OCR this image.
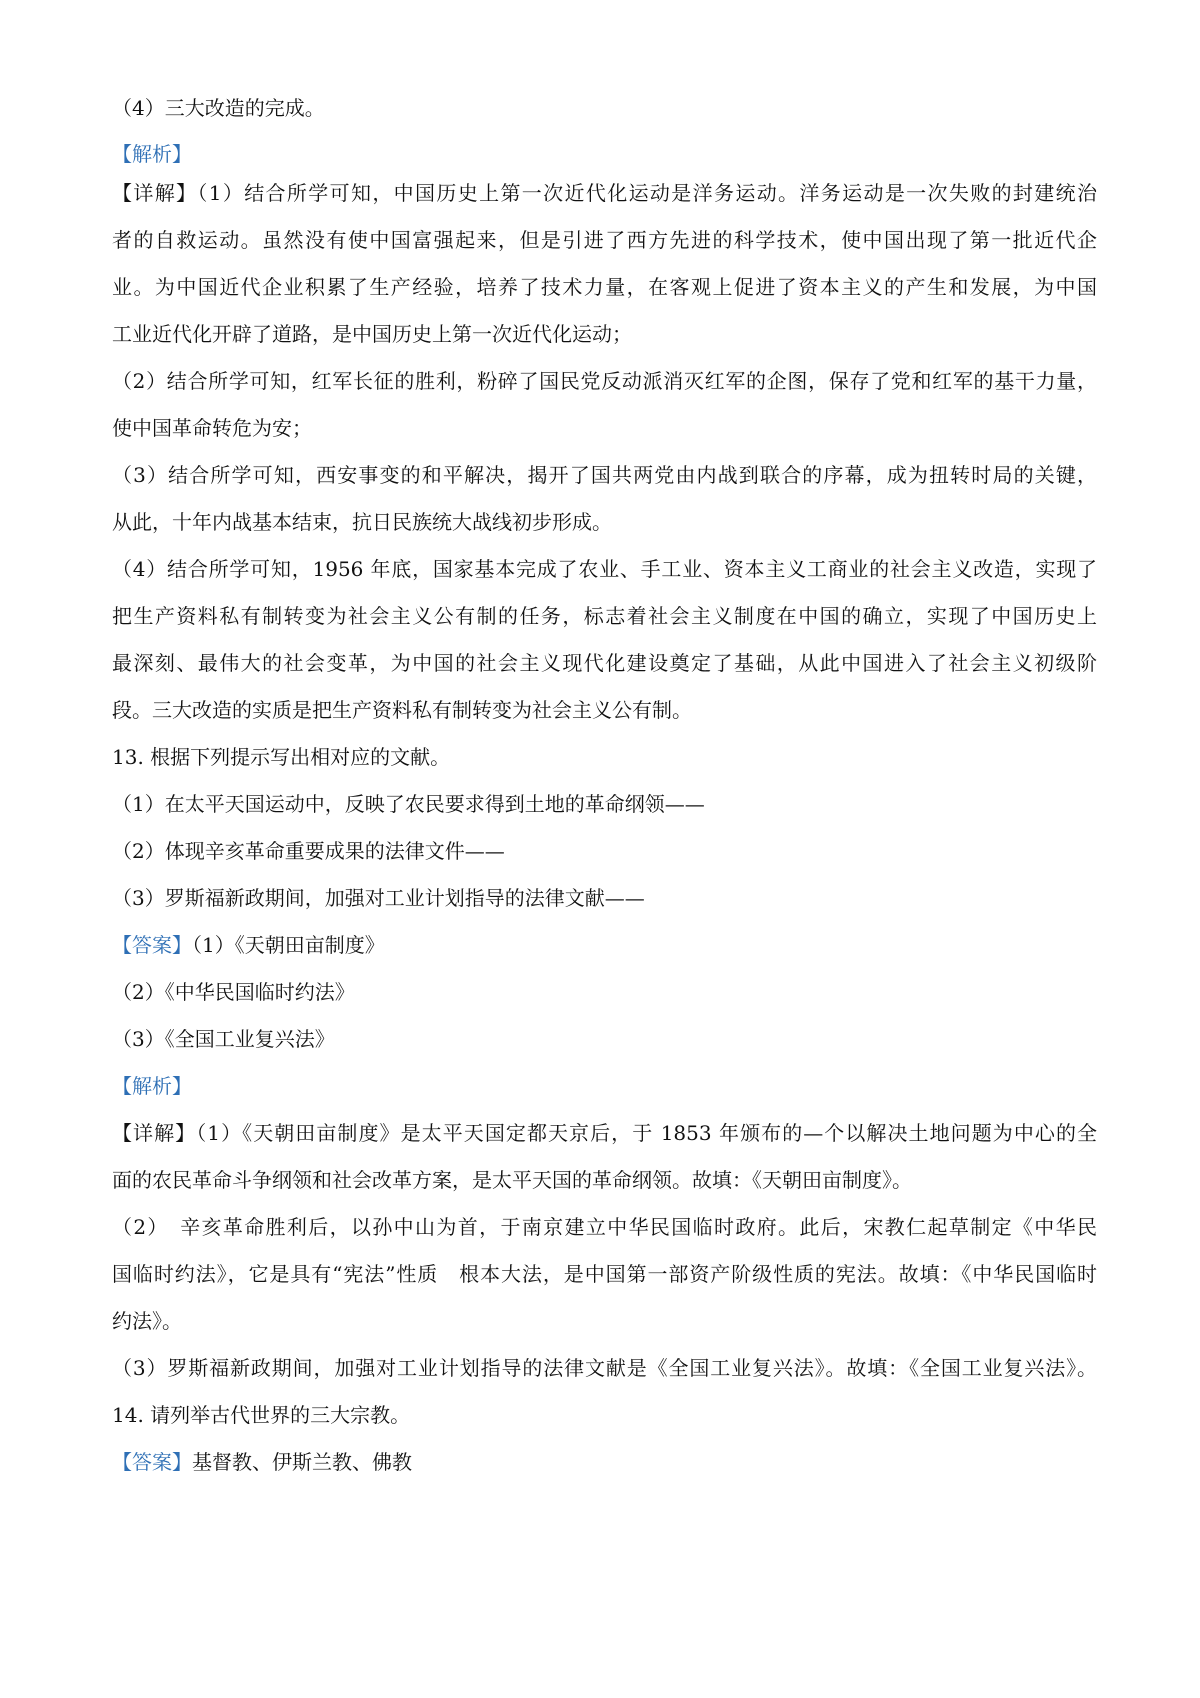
（4）三大改造的完成。
【解析】

【详解】（1）结合所学可知，中国历史上第一次近代化运动是洋务运动。洋务运动是一次失败的封建统治

者的自救运动。虽然没有使中国富强起来，但是引进了西方先进的科学技术，使中国出现了第一批近代企

业。为中国近代企业积累了生产经验，培养了技术力量，在客观上促进了资本主义的产生和发展，为中国

工业近代化开辟了道路，是中国历史上第一次近代化运动；

（2）结合所学可知，红军长征的胜利，粉碎了国民党反动派消灭红军的企图，保存了党和红军的基干力量，

使中国革命转危为安；

（3）结合所学可知，西安事变的和平解决，揭开了国共两党由内战到联合的序幕，成为扭转时局的关键，

从此，十年内战基本结束，抗日民族统大战线初步形成。

（4）结合所学可知，1956 年底，国家基本完成了农业、手工业、资本主义工商业的社会主义改造，实现了

把生产资料私有制转变为社会主义公有制的任务，标志着社会主义制度在中国的确立，实现了中国历史上

最深刻、最伟大的社会变革，为中国的社会主义现代化建设奠定了基础，从此中国进入了社会主义初级阶

段。三大改造的实质是把生产资料私有制转变为社会主义公有制。

13. 根据下列提示写出相对应的文献。

（1）在太平天国运动中，反映了农民要求得到土地的革命纲领——

（2）体现辛亥革命重要成果的法律文件——

（3）罗斯福新政期间，加强对工业计划指导的法律文献——

【答案】（1）《天朝田亩制度》

（2）《中华民国临时约法》

（3）《全国工业复兴法》

【解析】

【详解】（1）《天朝田亩制度》是太平天国定都天京后，于 1853 年颁布的—个以解决土地问题为中心的全

面的农民革命斗争纲领和社会改革方案，是太平天国的革命纲领。故填：《天朝田亩制度》。

（2）　辛亥革命胜利后，以孙中山为首，于南京建立中华民国临时政府。此后，宋教仁起草制定《中华民

国临时约法》，它是具有“宪法”性质　根本大法，是中国第一部资产阶级性质的宪法。故填：《中华民国临时

约法》。

（3）罗斯福新政期间，加强对工业计划指导的法律文献是《全国工业复兴法》。故填：《全国工业复兴法》。

14. 请列举古代世界的三大宗教。

【答案】基督教、伊斯兰教、佛教
